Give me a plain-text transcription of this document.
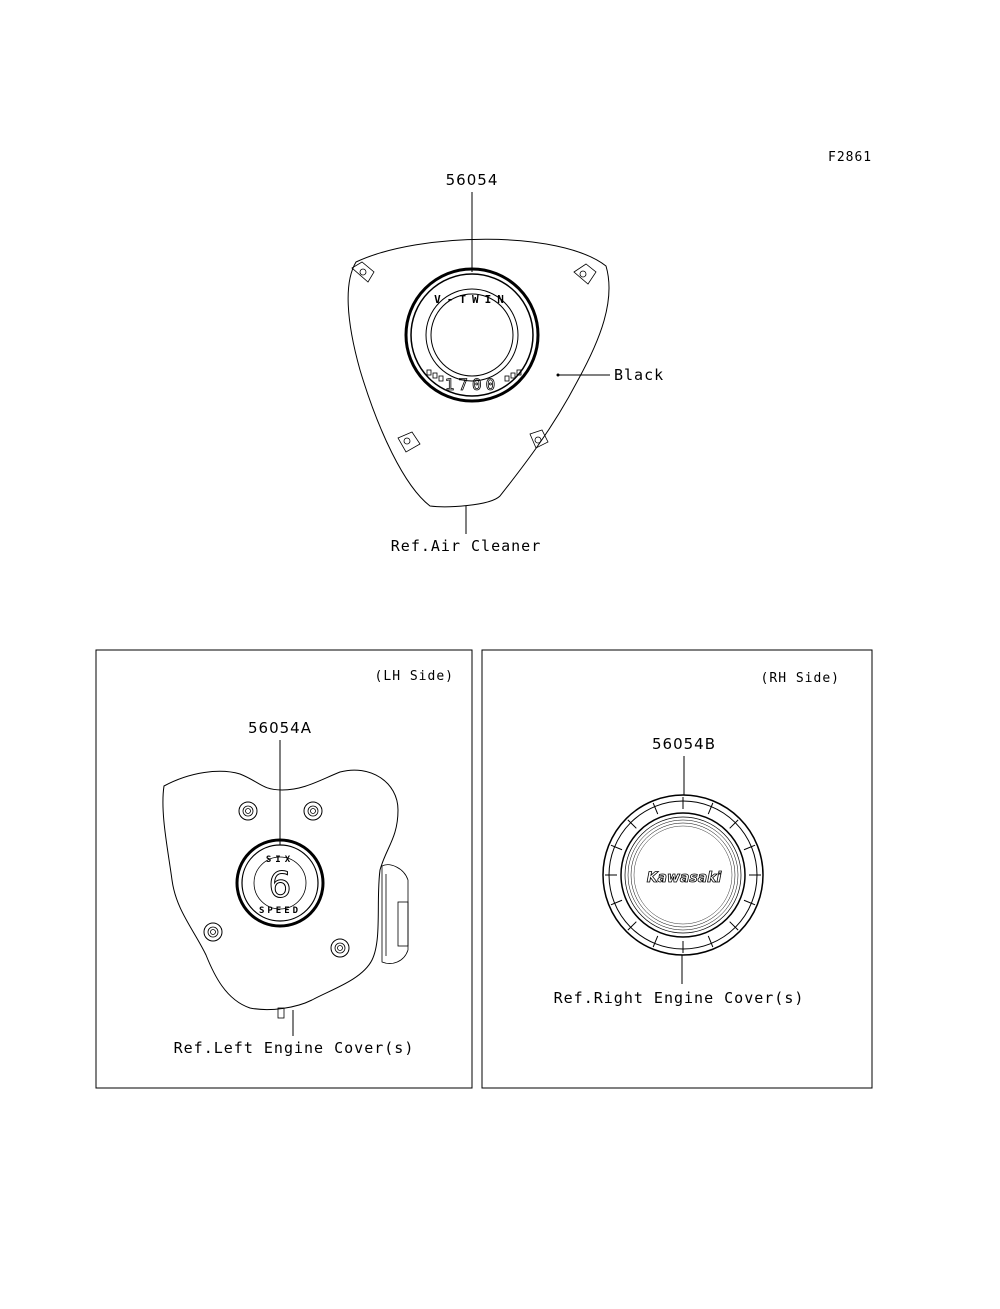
F2861
V-TWIN
1700
56054
Black
Ref.Air Cleaner
(LH Side)
SIX
6
SPEED
56054A
Ref.Left Engine Cover(s)
(RH Side)
Kawasaki
56054B
Ref.Right Engine Cover(s)
